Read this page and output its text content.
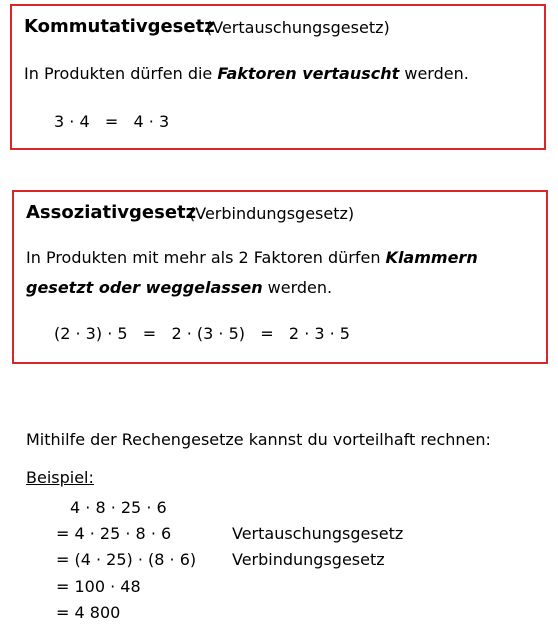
Kommutativgesetz
(Vertauschungsgesetz)
In Produkten dürfen die Faktoren vertauscht werden.
3 · 4   =   4 · 3
Assoziativgesetz
(Verbindungsgesetz)
In Produkten mit mehr als 2 Faktoren dürfen Klammern
gesetzt oder weggelassen werden.
(2 · 3) · 5   =   2 · (3 · 5)   =   2 · 3 · 5
Mithilfe der Rechengesetze kannst du vorteilhaft rechnen:
Beispiel:
4 · 8 · 25 · 6
= 4 · 25 · 8 · 6	Vertauschungsgesetz
= (4 · 25) · (8 · 6) Verbindungsgesetz
= 100 · 48
= 4 800
